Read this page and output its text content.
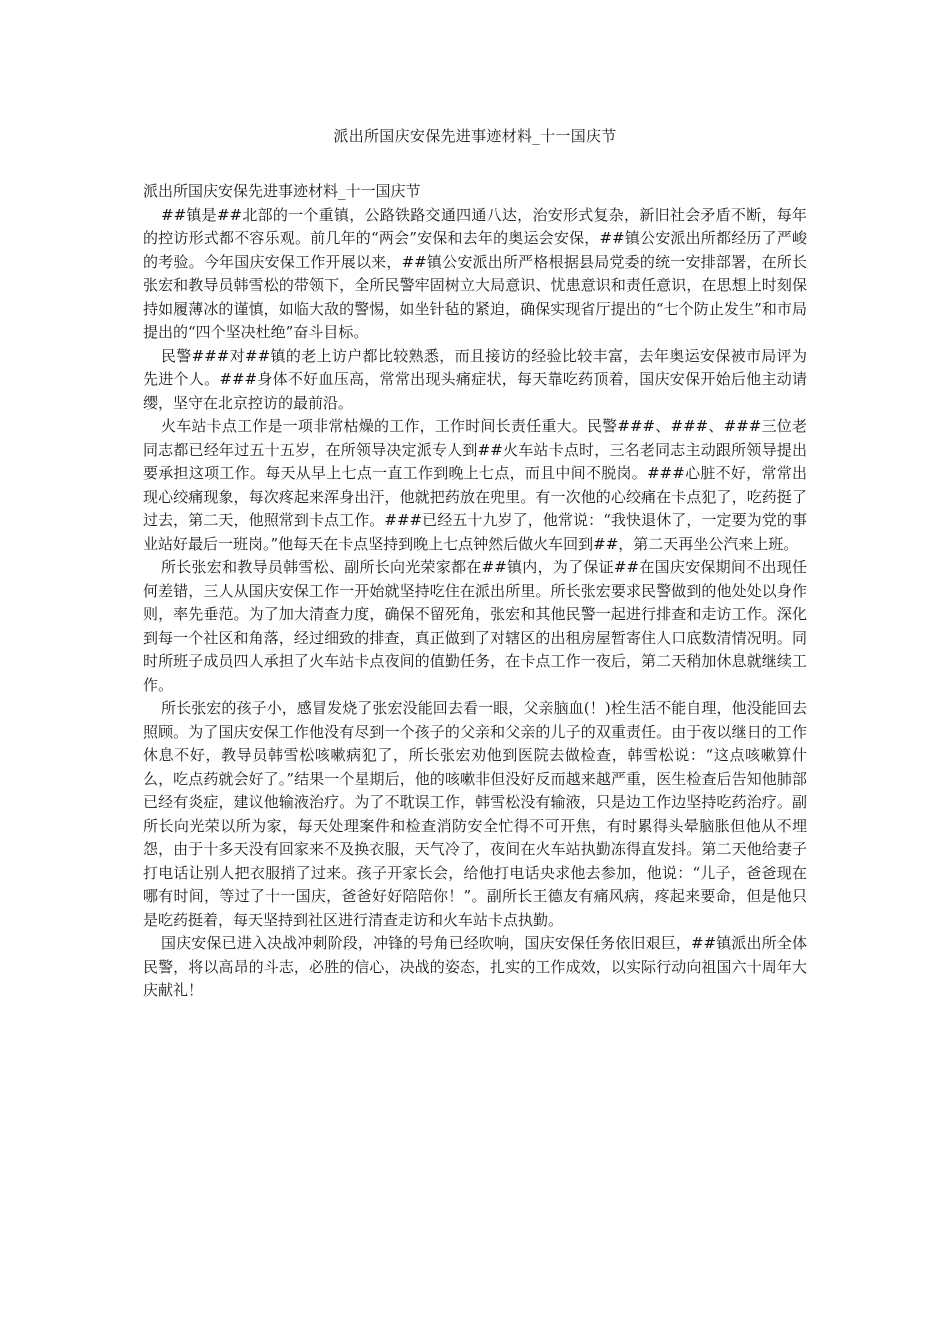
派出所国庆安保先进事迹材料_十一国庆节

派出所国庆安保先进事迹材料_十一国庆节

##镇是##北部的一个重镇，公路铁路交通四通八达，治安形式复杂，新旧社会矛盾不断，每年的控访形式都不容乐观。前几年的“两会”安保和去年的奥运会安保，##镇公安派出所都经历了严峻的考验。今年国庆安保工作开展以来，##镇公安派出所严格根据县局党委的统一安排部署，在所长张宏和教导员韩雪松的带领下，全所民警牢固树立大局意识、忧患意识和责任意识，在思想上时刻保持如履薄冰的谨慎，如临大敌的警惕，如坐针毡的紧迫，确保实现省厅提出的“七个防止发生”和市局提出的“四个坚决杜绝”奋斗目标。

民警###对##镇的老上访户都比较熟悉，而且接访的经验比较丰富，去年奥运安保被市局评为先进个人。###身体不好血压高，常常出现头痛症状，每天靠吃药顶着，国庆安保开始后他主动请缨，坚守在北京控访的最前沿。

火车站卡点工作是一项非常枯燥的工作，工作时间长责任重大。民警###、###、###三位老同志都已经年过五十五岁，在所领导决定派专人到##火车站卡点时，三名老同志主动跟所领导提出要承担这项工作。每天从早上七点一直工作到晚上七点，而且中间不脱岗。###心脏不好，常常出现心绞痛现象，每次疼起来浑身出汗，他就把药放在兜里。有一次他的心绞痛在卡点犯了，吃药挺了过去，第二天，他照常到卡点工作。###已经五十九岁了，他常说：“我快退休了，一定要为党的事业站好最后一班岗。”他每天在卡点坚持到晚上七点钟然后做火车回到##，第二天再坐公汽来上班。

所长张宏和教导员韩雪松、副所长向光荣家都在##镇内，为了保证##在国庆安保期间不出现任何差错，三人从国庆安保工作一开始就坚持吃住在派出所里。所长张宏要求民警做到的他处处以身作则，率先垂范。为了加大清查力度，确保不留死角，张宏和其他民警一起进行排查和走访工作。深化到每一个社区和角落，经过细致的排查，真正做到了对辖区的出租房屋暂寄住人口底数清情况明。同时所班子成员四人承担了火车站卡点夜间的值勤任务，在卡点工作一夜后，第二天稍加休息就继续工作。

所长张宏的孩子小，感冒发烧了张宏没能回去看一眼，父亲脑血(！)栓生活不能自理，他没能回去照顾。为了国庆安保工作他没有尽到一个孩子的父亲和父亲的儿子的双重责任。由于夜以继日的工作休息不好，教导员韩雪松咳嗽病犯了，所长张宏劝他到医院去做检查，韩雪松说：“这点咳嗽算什么，吃点药就会好了。”结果一个星期后，他的咳嗽非但没好反而越来越严重，医生检查后告知他肺部已经有炎症，建议他输液治疗。为了不耽误工作，韩雪松没有输液，只是边工作边坚持吃药治疗。副所长向光荣以所为家，每天处理案件和检查消防安全忙得不可开焦，有时累得头晕脑胀但他从不埋怨，由于十多天没有回家来不及换衣服，天气冷了，夜间在火车站执勤冻得直发抖。第二天他给妻子打电话让别人把衣服捎了过来。孩子开家长会，给他打电话央求他去参加，他说：“儿子，爸爸现在哪有时间，等过了十一国庆，爸爸好好陪陪你！”。副所长王德友有痛风病，疼起来要命，但是他只是吃药挺着，每天坚持到社区进行清查走访和火车站卡点执勤。

国庆安保已进入决战冲刺阶段，冲锋的号角已经吹响，国庆安保任务依旧艰巨，##镇派出所全体民警，将以高昂的斗志，必胜的信心，决战的姿态，扎实的工作成效，以实际行动向祖国六十周年大庆献礼！
